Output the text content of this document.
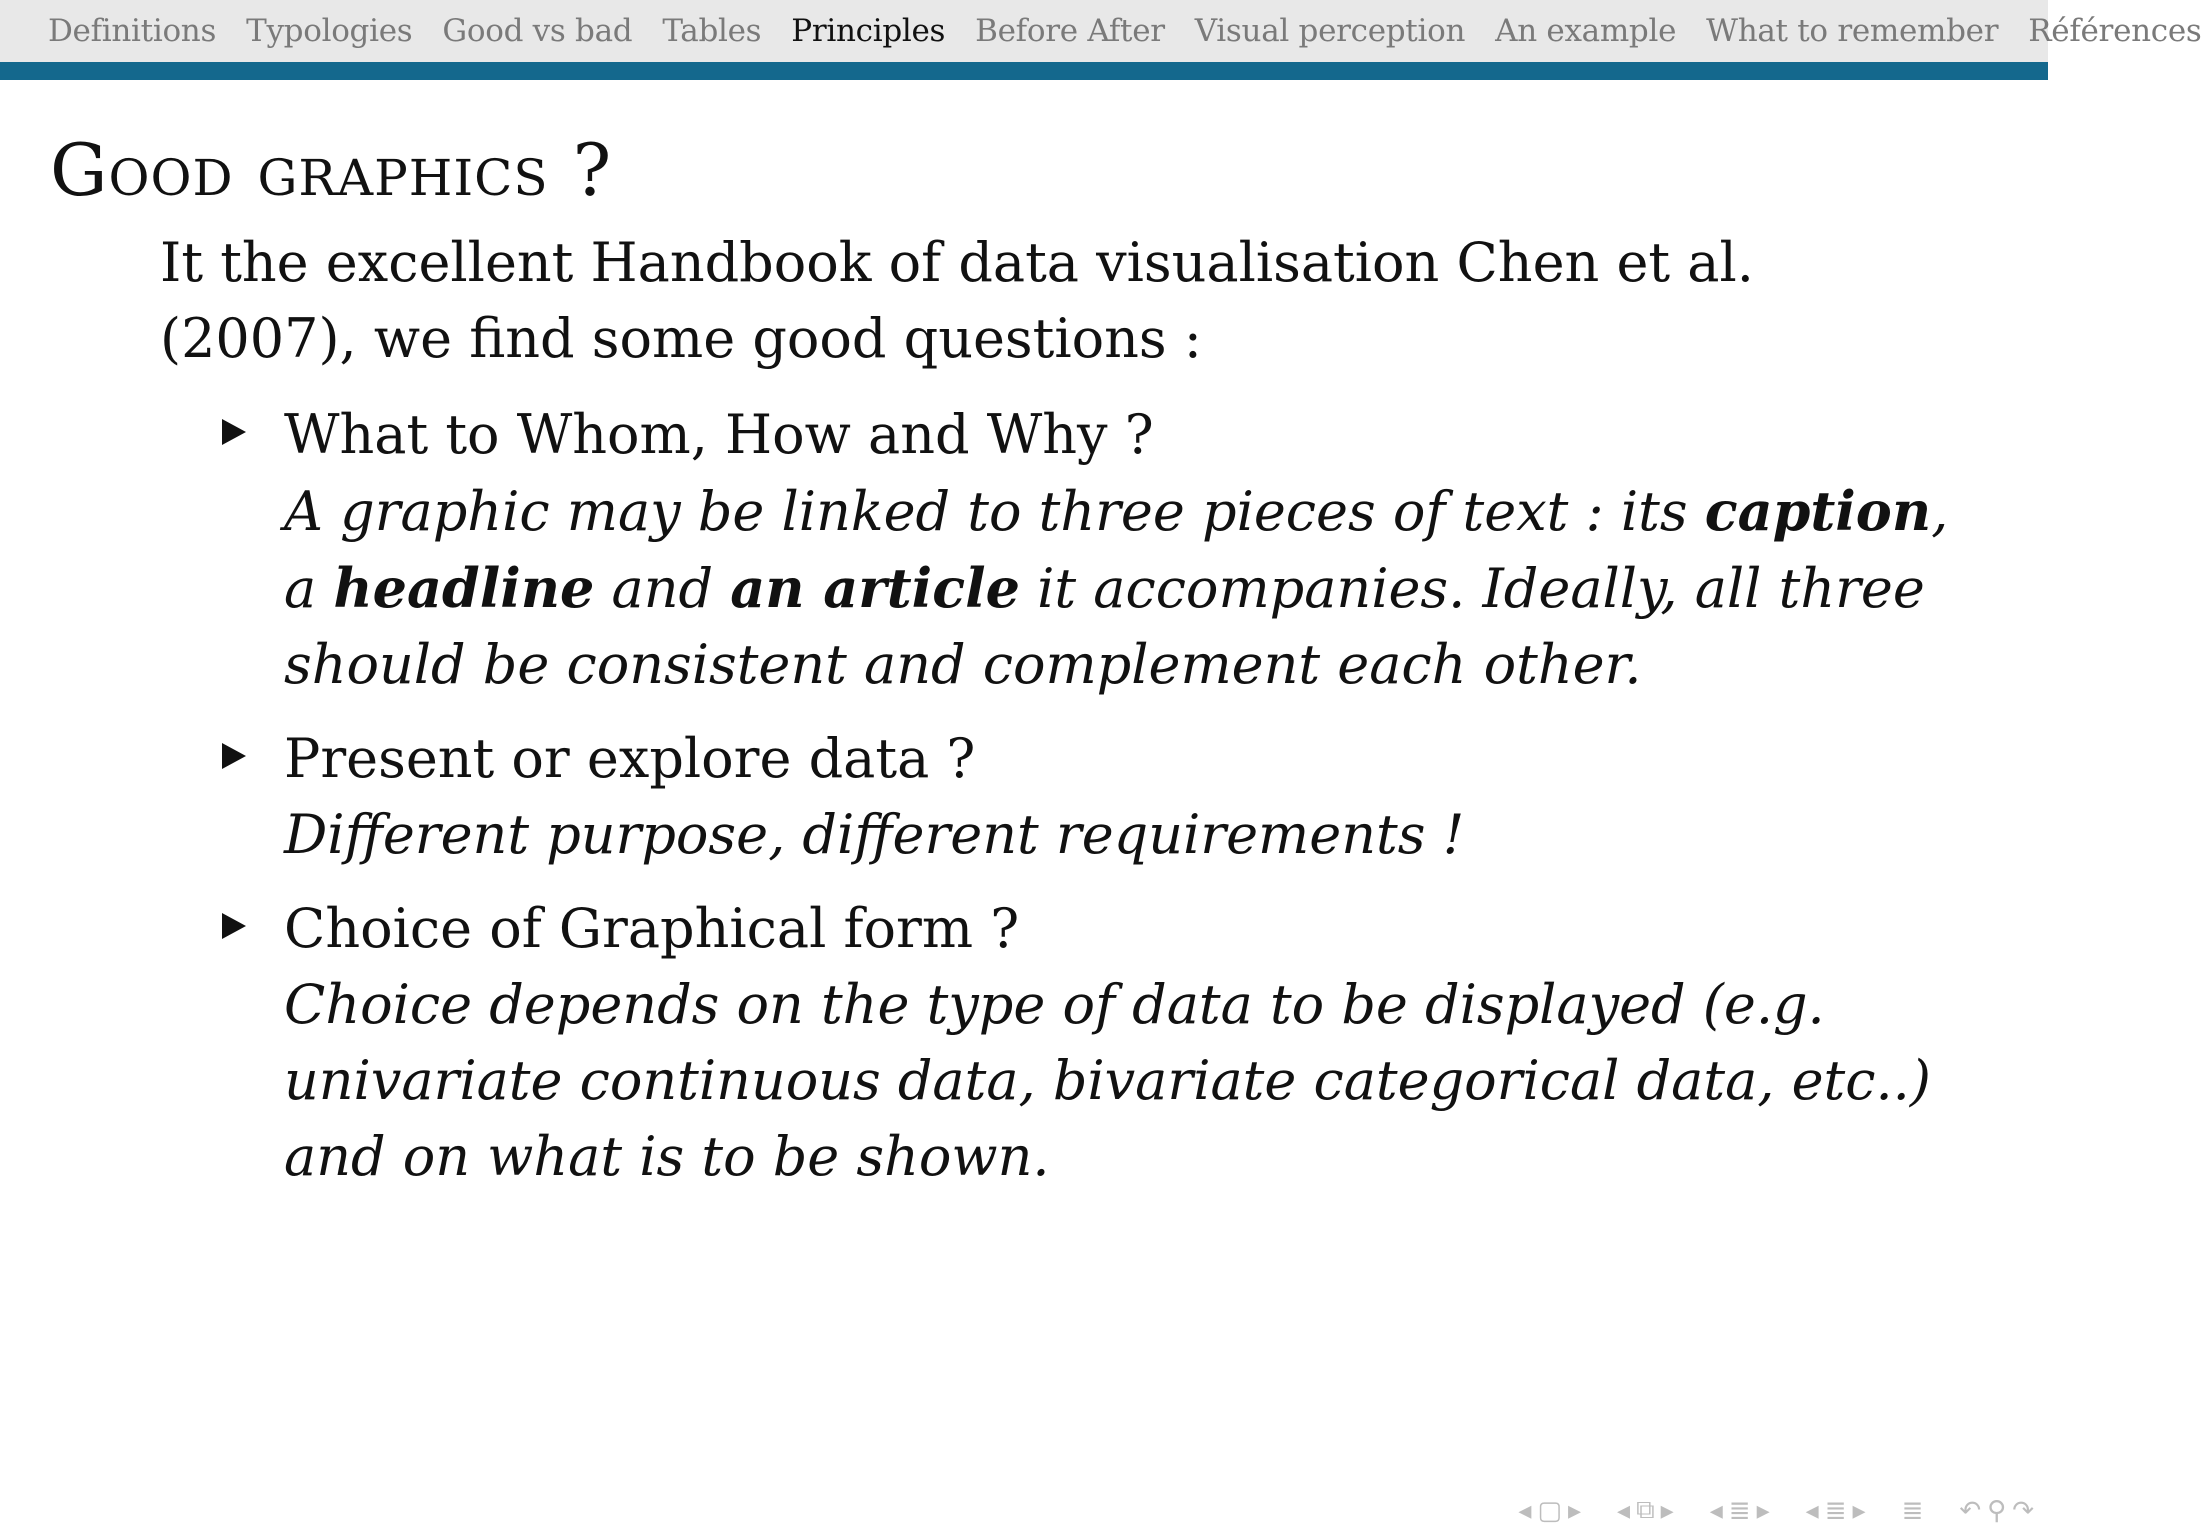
Definitions Typologies Good vs bad Tables Principles Before After Visual perception An example What to remember Références
Good graphics ?

It the excellent Handbook of data visualisation Chen et al. (2007), we find some good questions :

What to Whom, How and Why ?
A graphic may be linked to three pieces of text : its caption, a headline and an article it accompanies. Ideally, all three should be consistent and complement each other.
Present or explore data ?
Different purpose, different requirements !
Choice of Graphical form ?
Choice depends on the type of data to be displayed (e.g. univariate continuous data, bivariate categorical data, etc..) and on what is to be shown.
◂ ▢ ▸ ◂ ⧉ ▸ ◂ ≣ ▸ ◂ ≣ ▸ ≣ ↶ ⚲ ↷
